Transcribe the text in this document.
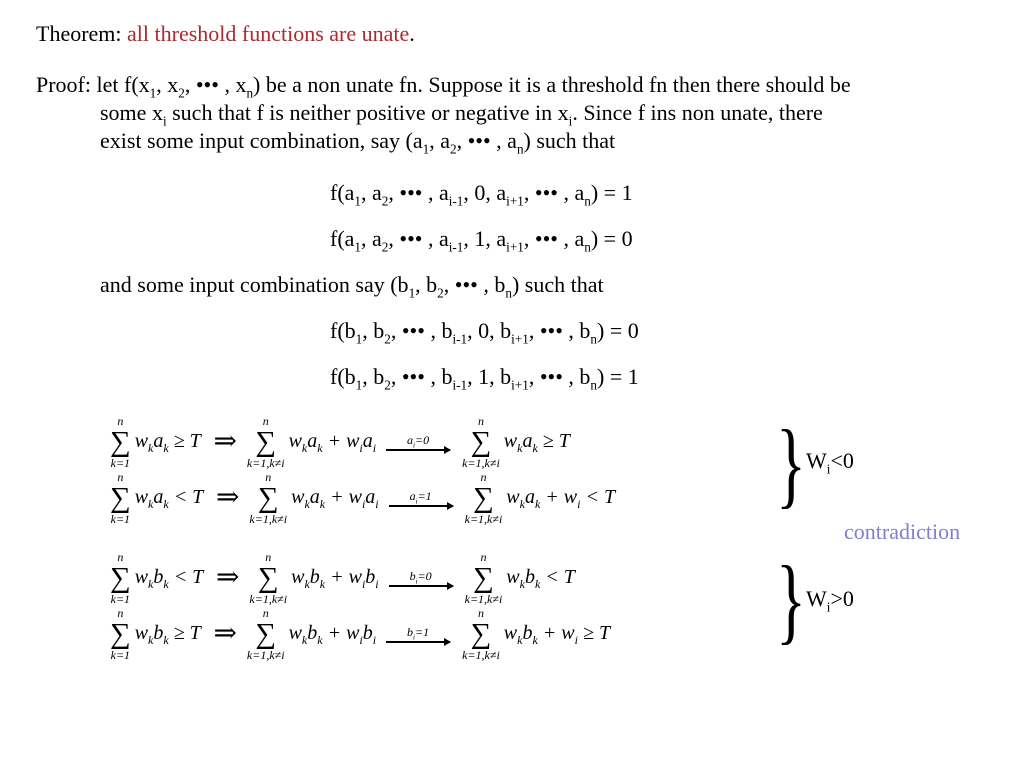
Theorem: all threshold functions are unate.
Proof: let $f(x_1$, $x_2$, ••• , $x_n$) be a non unate fn. Suppose it is a threshold fn then there should be
some $x_i$ such that f is neither positive or negative in $x_i$. Since f ins non unate, there
exist some input combination, say ($a_1$, $a_2$, ••• , $a_n$) such that
$f(a_1$, $a_2$, ••• , $a_{i-1}$, 0, $a_{i+1}$, ••• , $a_n) = 1$
$f(a_1$, $a_2$, ••• , $a_{i-1}$, 1, $a_{i+1}$, ••• , $a_n) = 0$
and some input combination say ($b_1$, $b_2$, ••• , $b_n$) such that
$f(b_1$, $b_2$, ••• , $b_{i-1}$, 0, $b_{i+1}$, ••• , $b_n) = 0$
$f(b_1$, $b_2$, ••• , $b_{i-1}$, 1, $b_{i+1}$, ••• , $b_n) = 1$
n
∑
k=1
$w_ka_k \ge T$ ⇒
n
∑
k=1,k≠i
$w_ka_k + w_ia_i$
$a_i=0$
n
∑
k=1,k≠i
$w_ka_k \ge T$
n
∑
k=1
$w_ka_k < T$ ⇒
n
∑
k=1,k≠i
$w_ka_k + w_ia_i$
$a_i=1$
n
∑
k=1,k≠i
$w_ka_k + w_i < T$
n
∑
k=1
$w_kb_k < T$ ⇒
n
∑
k=1,k≠i
$w_kb_k + w_ib_i$
$b_i=0$
n
∑
k=1,k≠i
$w_kb_k < T$
n
∑
k=1
$w_kb_k \ge T$ ⇒
n
∑
k=1,k≠i
$w_kb_k + w_ib_i$
$b_i=1$
n
∑
k=1,k≠i
$w_kb_k + w_i \ge T$
}
}
$W_i<0$
contradiction
$W_i>0$
